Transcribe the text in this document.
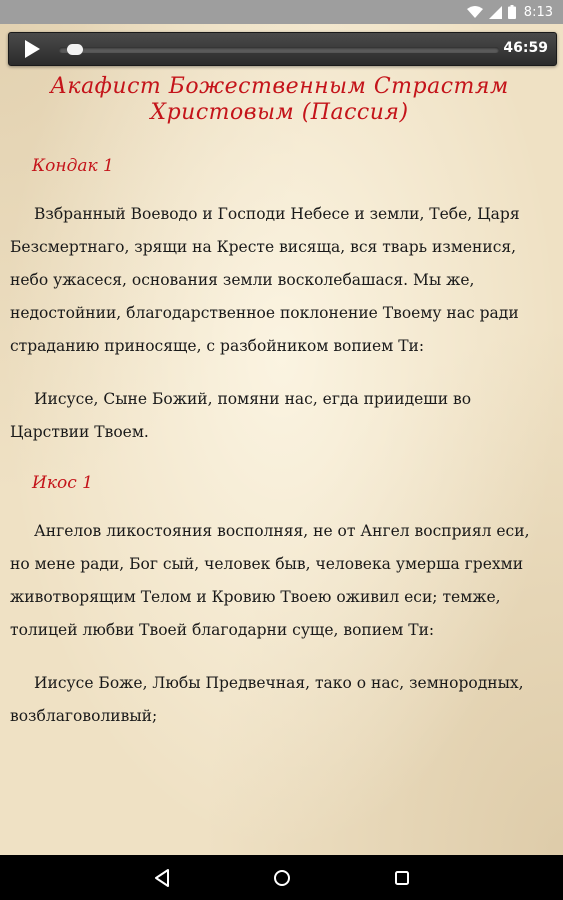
8:13
46:59
Акафист Божественным Страстям
Христовым (Пассия)
Кондак 1

Взбранный Воеводо и Господи Небесе и земли, Тебе, Царя Безсмертнаго, зрящи на Кресте висяща, вся тварь изменися, небо ужасеся, основания земли восколебашася. Мы же, недостойнии, благодарственное поклонение Твоему нас ради страданию приносяще, с разбойником вопием Ти:

Иисусе, Сыне Божий, помяни нас, егда приидеши во Царствии Твоем.

Икос 1

Ангелов ликостояния восполняя, не от Ангел восприял еси, но мене ради, Бог сый, человек быв, человека умерша грехми животворящим Телом и Кровию Твоею оживил еси; темже, толицей любви Твоей благодарни суще, вопием Ти:

Иисусе Боже, Любы Предвечная, тако о нас, земнородных, возблаговоливый;
